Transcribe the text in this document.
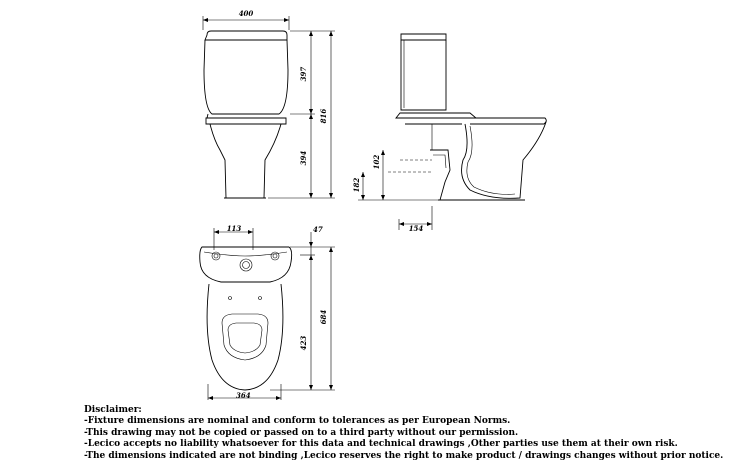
400
397
816
394	102
182
154
113	47
423
684
364
Disclaimer:
-Fixture dimensions are nominal and conform to tolerances as per European Norms.
-This drawing may not be copied or passed on to a third party without our permission.
-Lecico accepts no liability whatsoever for this data and technical drawings ,Other parties use them at their own risk.
-The dimensions indicated are not binding ,Lecico reserves the right to make product / drawings changes without prior notice.
